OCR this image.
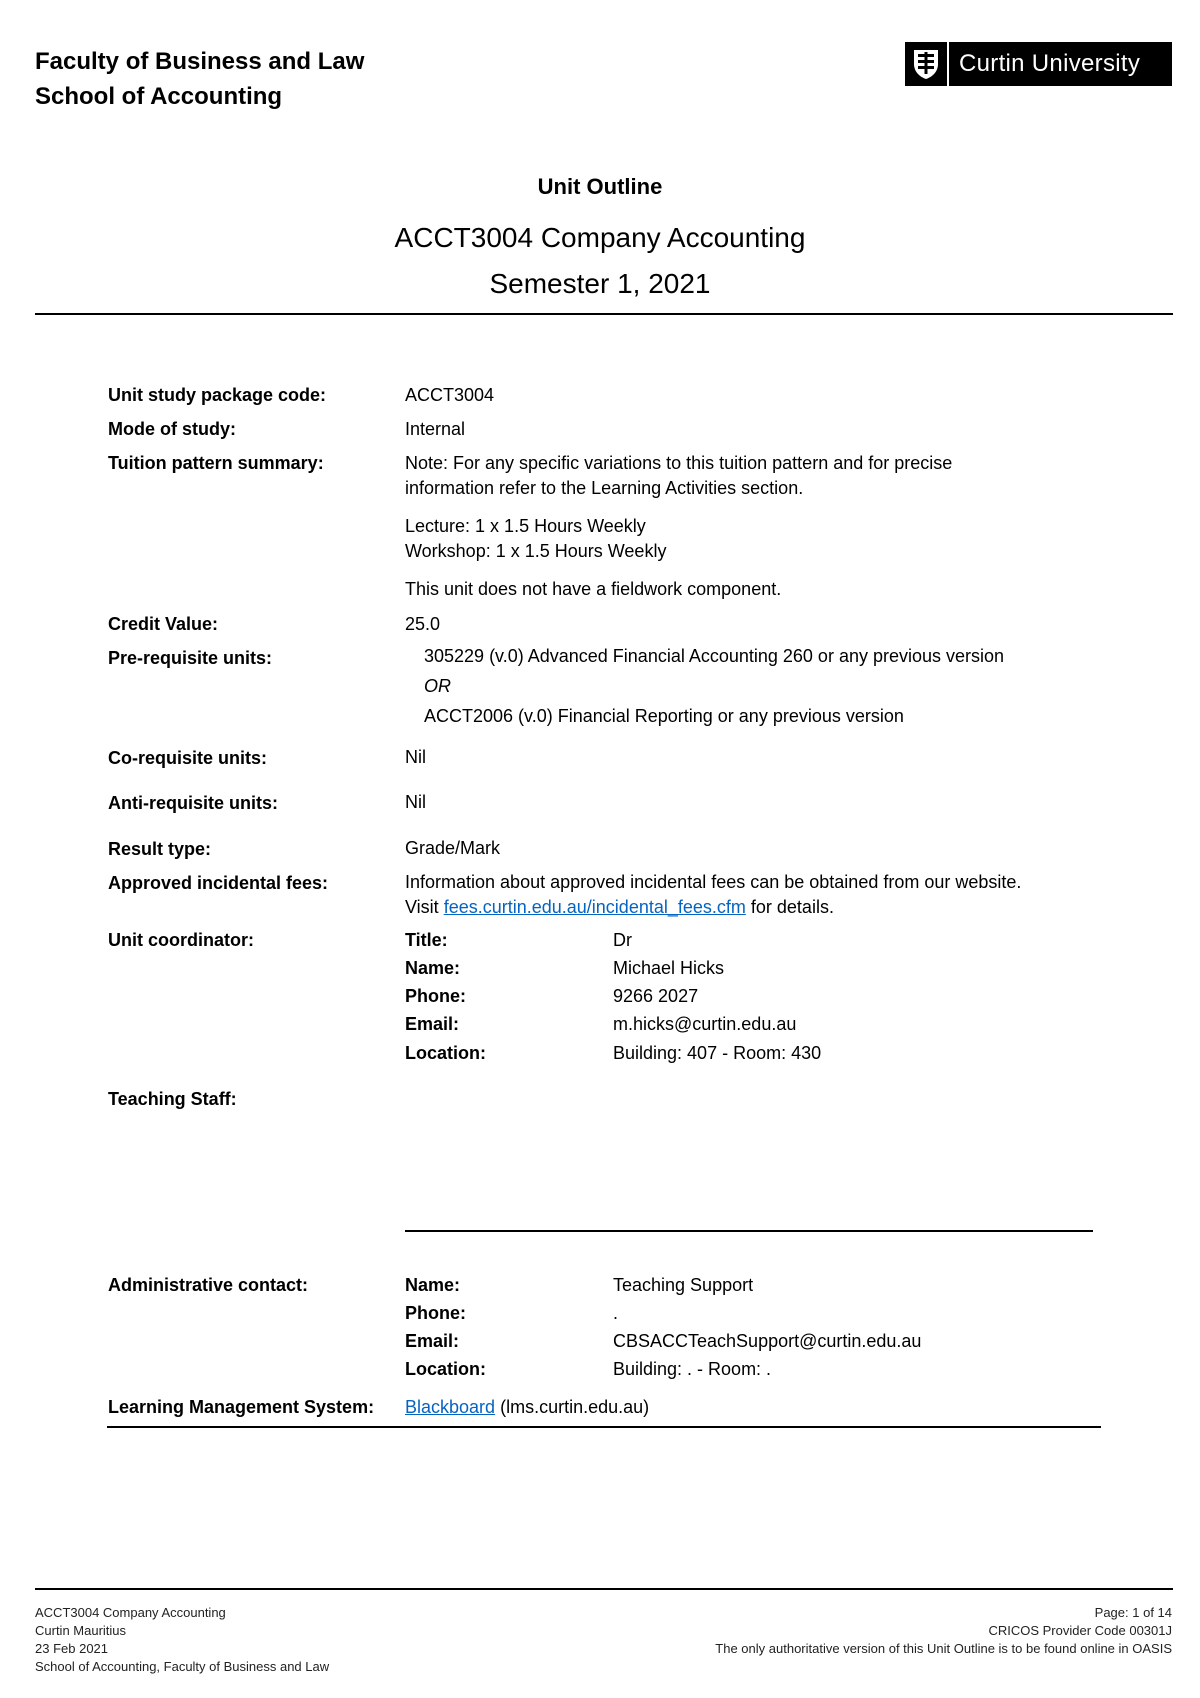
Faculty of Business and Law
School of Accounting
Curtin University
Unit Outline
ACCT3004 Company Accounting
Semester 1, 2021
Unit study package code:	ACCT3004
Mode of study:	Internal
Tuition pattern summary:	Note: For any specific variations to this tuition pattern and for precise
information refer to the Learning Activities section.
Lecture: 1 x 1.5 Hours Weekly
Workshop: 1 x 1.5 Hours Weekly
This unit does not have a fieldwork component.
Credit Value:	25.0
Pre-requisite units:	305229 (v.0) Advanced Financial Accounting 260 or any previous version
OR
ACCT2006 (v.0) Financial Reporting or any previous version
Co-requisite units:	Nil
Anti-requisite units:	Nil
Result type:	Grade/Mark
Approved incidental fees:	Information about approved incidental fees can be obtained from our website.
Visit fees.curtin.edu.au/incidental_fees.cfm for details.
Unit coordinator:	Title:	Dr
Name:	Michael Hicks
Phone:	9266 2027
Email:	m.hicks@curtin.edu.au
Location:	Building: 407 - Room: 430
Teaching Staff:
Administrative contact:	Name:	Teaching Support
Phone:	.
Email:	CBSACCTeachSupport@curtin.edu.au
Location:	Building: . - Room: .
Learning Management System: Blackboard (lms.curtin.edu.au)
ACCT3004 Company Accounting
Curtin Mauritius
23 Feb 2021
School of Accounting, Faculty of Business and Law
Page: 1 of 14
CRICOS Provider Code 00301J
The only authoritative version of this Unit Outline is to be found online in OASIS
